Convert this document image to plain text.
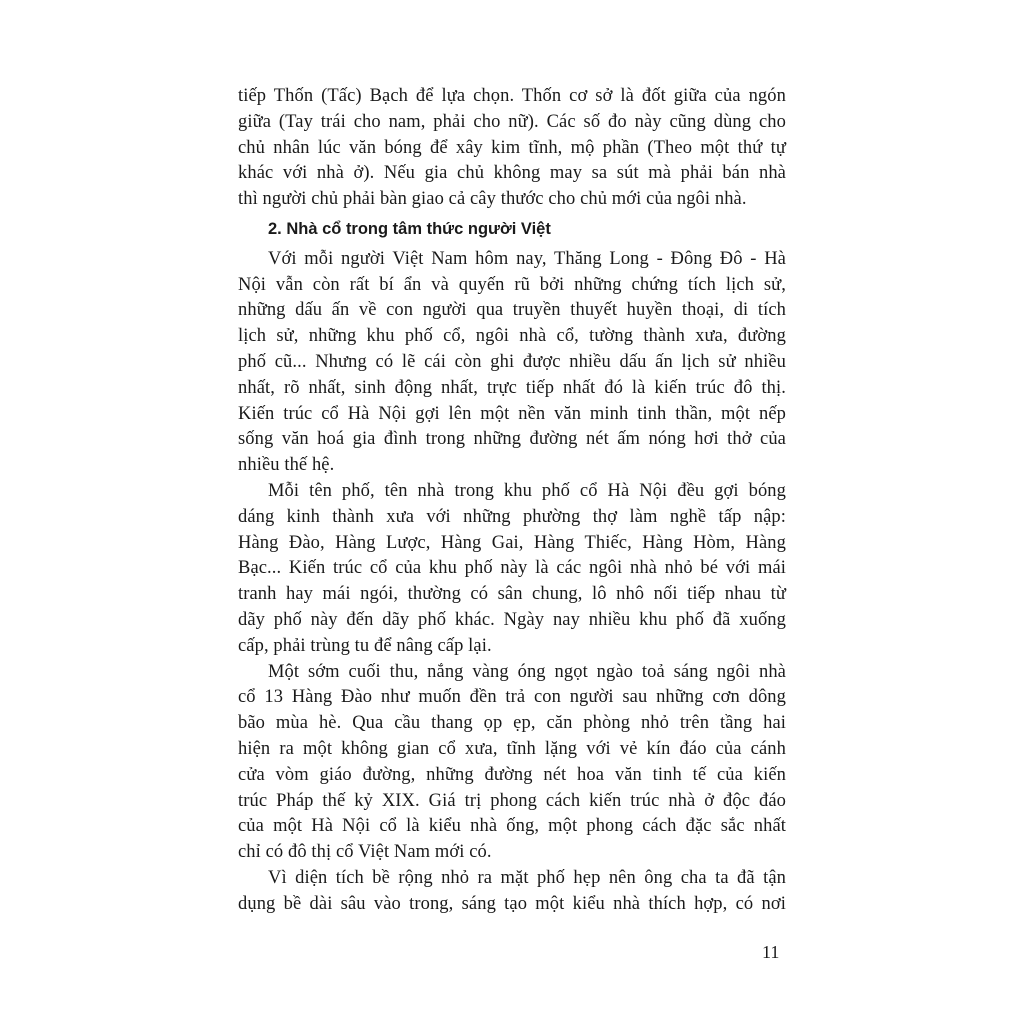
tiếp Thốn (Tấc) Bạch để lựa chọn. Thốn cơ sở là đốt giữa của ngón
giữa (Tay trái cho nam, phải cho nữ). Các số đo này cũng dùng cho
chủ nhân lúc văn bóng để xây kim tĩnh, mộ phần (Theo một thứ tự
khác với nhà ở). Nếu gia chủ không may sa sút mà phải bán nhà
thì người chủ phải bàn giao cả cây thước cho chủ mới của ngôi nhà.
2. Nhà cổ trong tâm thức người Việt
Với mỗi người Việt Nam hôm nay, Thăng Long - Đông Đô - Hà
Nội vẫn còn rất bí ẩn và quyến rũ bởi những chứng tích lịch sử,
những dấu ấn về con người qua truyền thuyết huyền thoại, di tích
lịch sử, những khu phố cổ, ngôi nhà cổ, tường thành xưa, đường
phố cũ... Nhưng có lẽ cái còn ghi được nhiều dấu ấn lịch sử nhiều
nhất, rõ nhất, sinh động nhất, trực tiếp nhất đó là kiến trúc đô thị.
Kiến trúc cổ Hà Nội gợi lên một nền văn minh tinh thần, một nếp
sống văn hoá gia đình trong những đường nét ấm nóng hơi thở của
nhiều thế hệ.
Mỗi tên phố, tên nhà trong khu phố cổ Hà Nội đều gợi bóng
dáng kinh thành xưa với những phường thợ làm nghề tấp nập:
Hàng Đào, Hàng Lược, Hàng Gai, Hàng Thiếc, Hàng Hòm, Hàng
Bạc... Kiến trúc cổ của khu phố này là các ngôi nhà nhỏ bé với mái
tranh hay mái ngói, thường có sân chung, lô nhô nối tiếp nhau từ
dãy phố này đến dãy phố khác. Ngày nay nhiều khu phố đã xuống
cấp, phải trùng tu để nâng cấp lại.
Một sớm cuối thu, nắng vàng óng ngọt ngào toả sáng ngôi nhà
cổ 13 Hàng Đào như muốn đền trả con người sau những cơn dông
bão mùa hè. Qua cầu thang ọp ẹp, căn phòng nhỏ trên tầng hai
hiện ra một không gian cổ xưa, tĩnh lặng với vẻ kín đáo của cánh
cửa vòm giáo đường, những đường nét hoa văn tinh tế của kiến
trúc Pháp thế kỷ XIX. Giá trị phong cách kiến trúc nhà ở độc đáo
của một Hà Nội cổ là kiểu nhà ống, một phong cách đặc sắc nhất
chỉ có đô thị cổ Việt Nam mới có.
Vì diện tích bề rộng nhỏ ra mặt phố hẹp nên ông cha ta đã tận
dụng bề dài sâu vào trong, sáng tạo một kiểu nhà thích hợp, có nơi
11
